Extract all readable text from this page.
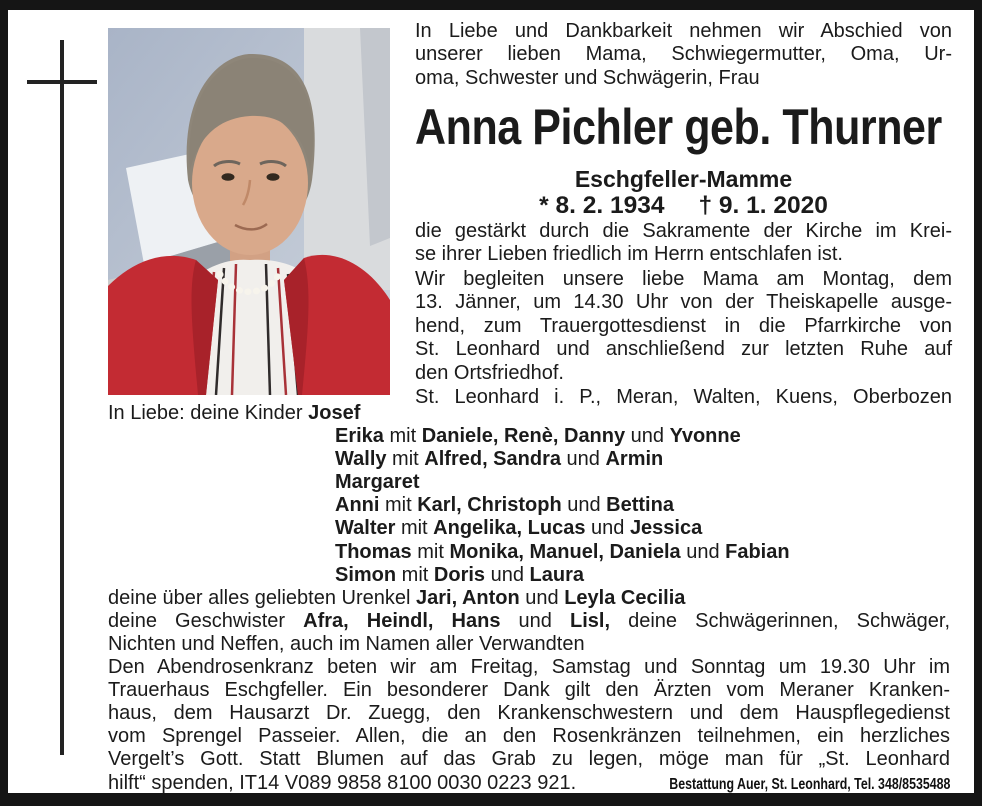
In Liebe und Dankbarkeit nehmen wir Abschied von
unserer lieben Mama, Schwiegermutter, Oma, Ur-
oma, Schwester und Schwägerin, Frau
Anna Pichler geb. Thurner
Eschgfeller-Mamme
* 8. 2. 1934 † 9. 1. 2020
die gestärkt durch die Sakramente der Kirche im Krei-
se ihrer Lieben friedlich im Herrn entschlafen ist.
Wir begleiten unsere liebe Mama am Montag, dem
13. Jänner, um 14.30 Uhr von der Theiskapelle ausge-
hend, zum Trauergottesdienst in die Pfarrkirche von
St. Leonhard und anschließend zur letzten Ruhe auf
den Ortsfriedhof.
St. Leonhard i. P., Meran, Walten, Kuens, Oberbozen
In Liebe: deine Kinder Josef
Erika mit Daniele, Renè, Danny und Yvonne
Wally mit Alfred, Sandra und Armin
Margaret
Anni mit Karl, Christoph und Bettina
Walter mit Angelika, Lucas und Jessica
Thomas mit Monika, Manuel, Daniela und Fabian
Simon mit Doris und Laura
deine über alles geliebten Urenkel Jari, Anton und Leyla Cecilia
deine Geschwister Afra, Heindl, Hans und Lisl, deine Schwägerinnen, Schwäger,
Nichten und Neffen, auch im Namen aller Verwandten
Den Abendrosenkranz beten wir am Freitag, Samstag und Sonntag um 19.30 Uhr im
Trauerhaus Eschgfeller. Ein besonderer Dank gilt den Ärzten vom Meraner Kranken-
haus, dem Hausarzt Dr. Zuegg, den Krankenschwestern und dem Hauspflegedienst
vom Sprengel Passeier. Allen, die an den Rosenkränzen teilnehmen, ein herzliches
Vergelt’s Gott. Statt Blumen auf das Grab zu legen, möge man für „St. Leonhard
hilft“ spenden, IT14 V089 9858 8100 0030 0223 921.	Bestattung Auer, St. Leonhard, Tel. 348/8535488
